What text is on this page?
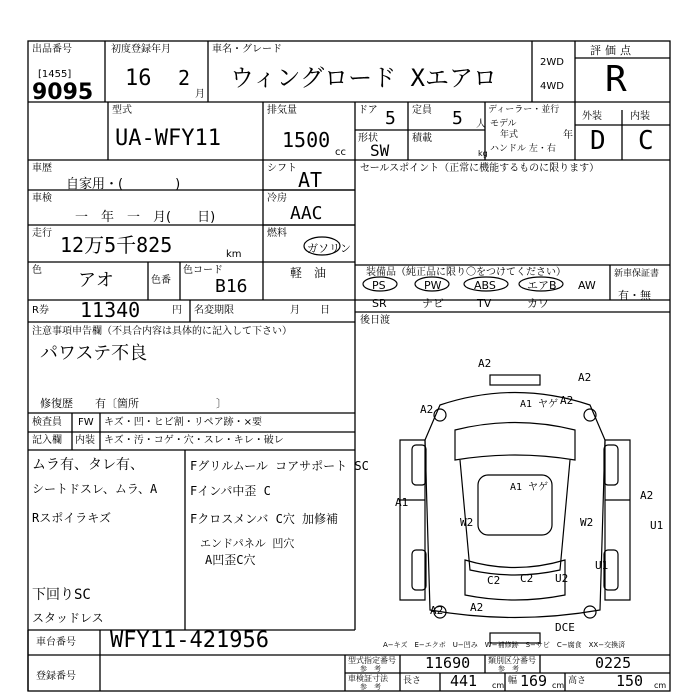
出品番号
[1455]
9095
初度登録年月
16 2
月
車名・グレード
ウィングロード Xエアロ
2WD
4WD
評価点
R
型式
UA-WFY11
排気量
1500
cc
ドア 5 定員 5 人
ディーラー・並行
モデル
年式	年
形状
SW
積載
kg ハンドル 左・右
外装	内装
D C
車歴
自家用・(　　　　)
シフト AT	セールスポイント（正常に機能するものに限ります）
車検
一　年　一　月(　　日)
冷房
AAC
走行 12万5千825	km
燃料
ガソリン
軽　油
色 アオ	色番
色コード
B16
R券 11340	円 名変期限	月　　日
装備品（純正品に限り〇をつけてください）
PS	PW	ABS	エアB AW
SR	ナビ	TV	カワ
新車保証書
有・無
後日渡
注意事項申告欄（不具合内容は具体的に記入して下さい）
パワステ不良
修復歴　　有〔箇所　　　　　　　〕
検査員 FW キズ・凹・ヒビ割・リペア跡・×要
記入欄 内装 キズ・汚・コゲ・穴・スレ・キレ・破レ
ムラ有、タレ有、
シートドスレ、ムラ、A
Rスポイラキズ
Fグリルムール コアサポート SC
Fインパ中歪 C
Fクロスメンバ C穴 加修補
エンドパネル 凹穴
A凹歪C穴
下回りSC
スタッドレス
A2
A2
A2
A2
A2
A2
A1 ヤゲ
A1 ヤゲ
A1
W2	W2
A2
U1
C2 U2
C2
U1
DCE
A−キズ　E−エクボ　U−凹み　W−補修跡　S−サビ　C−腐食　XX−交換済
車台番号 WFY11-421956
登録番号
型式指定番号
参　考	11690 類別区分番号
参　考	0225
車検証寸法
参　考
長さ 441 cm 幅 169 cm 高さ 150 cm
